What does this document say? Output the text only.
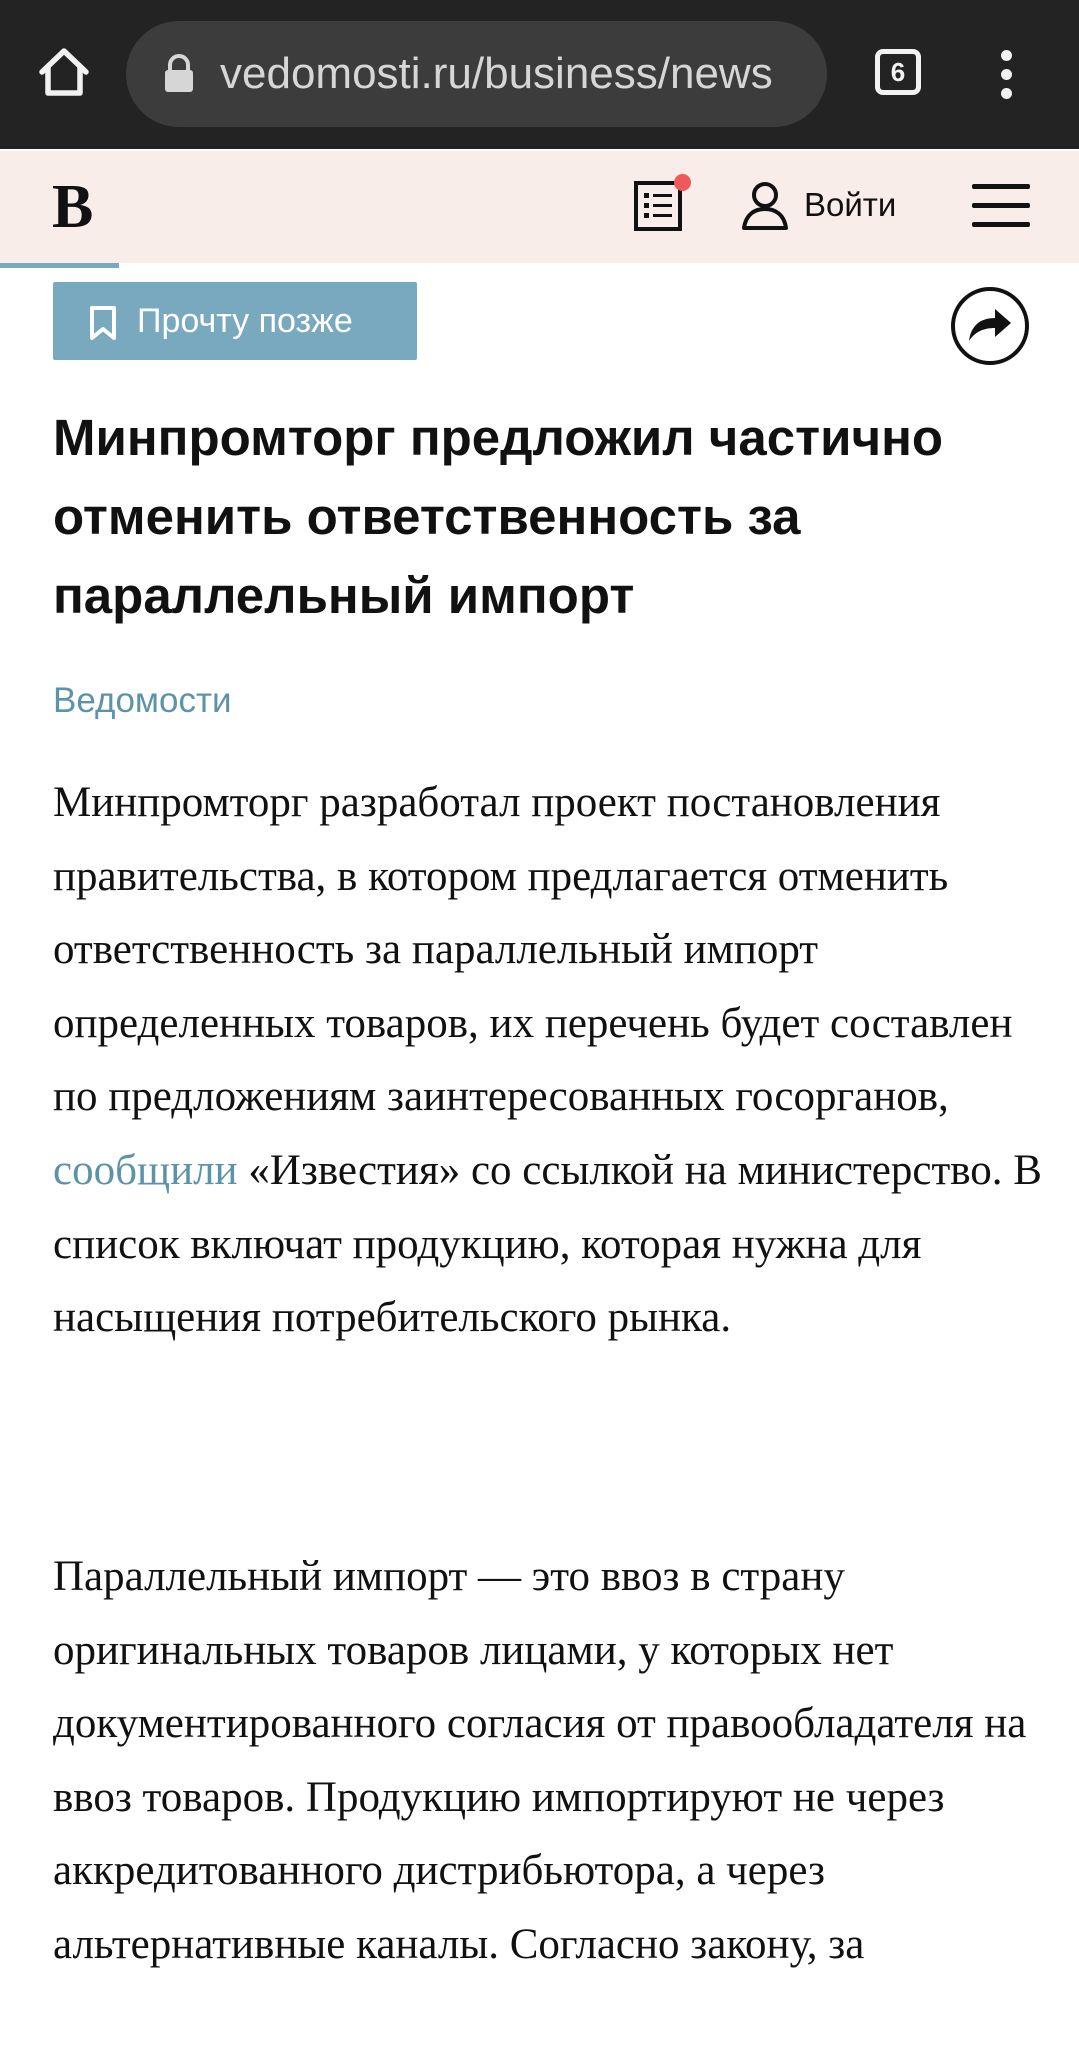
vedomosti.ru/business/news	6
В	Войти
Прочту позже
Минпромторг предложил частично отменить ответственность за параллельный импорт
Ведомости

Минпромторг разработал проект постановления правительства, в котором предлагается отменить ответственность за параллельный импорт определенных товаров, их перечень будет составлен по предложениям заинтересованных госорганов, сообщили «Известия» со ссылкой на министерство. В список включат продукцию, которая нужна для насыщения потребительского рынка.

Параллельный импорт — это ввоз в страну оригинальных товаров лицами, у которых нет документированного согласия от правообладателя на ввоз товаров. Продукцию импортируют не через аккредитованного дистрибьютора, а через альтернативные каналы. Согласно закону, за
